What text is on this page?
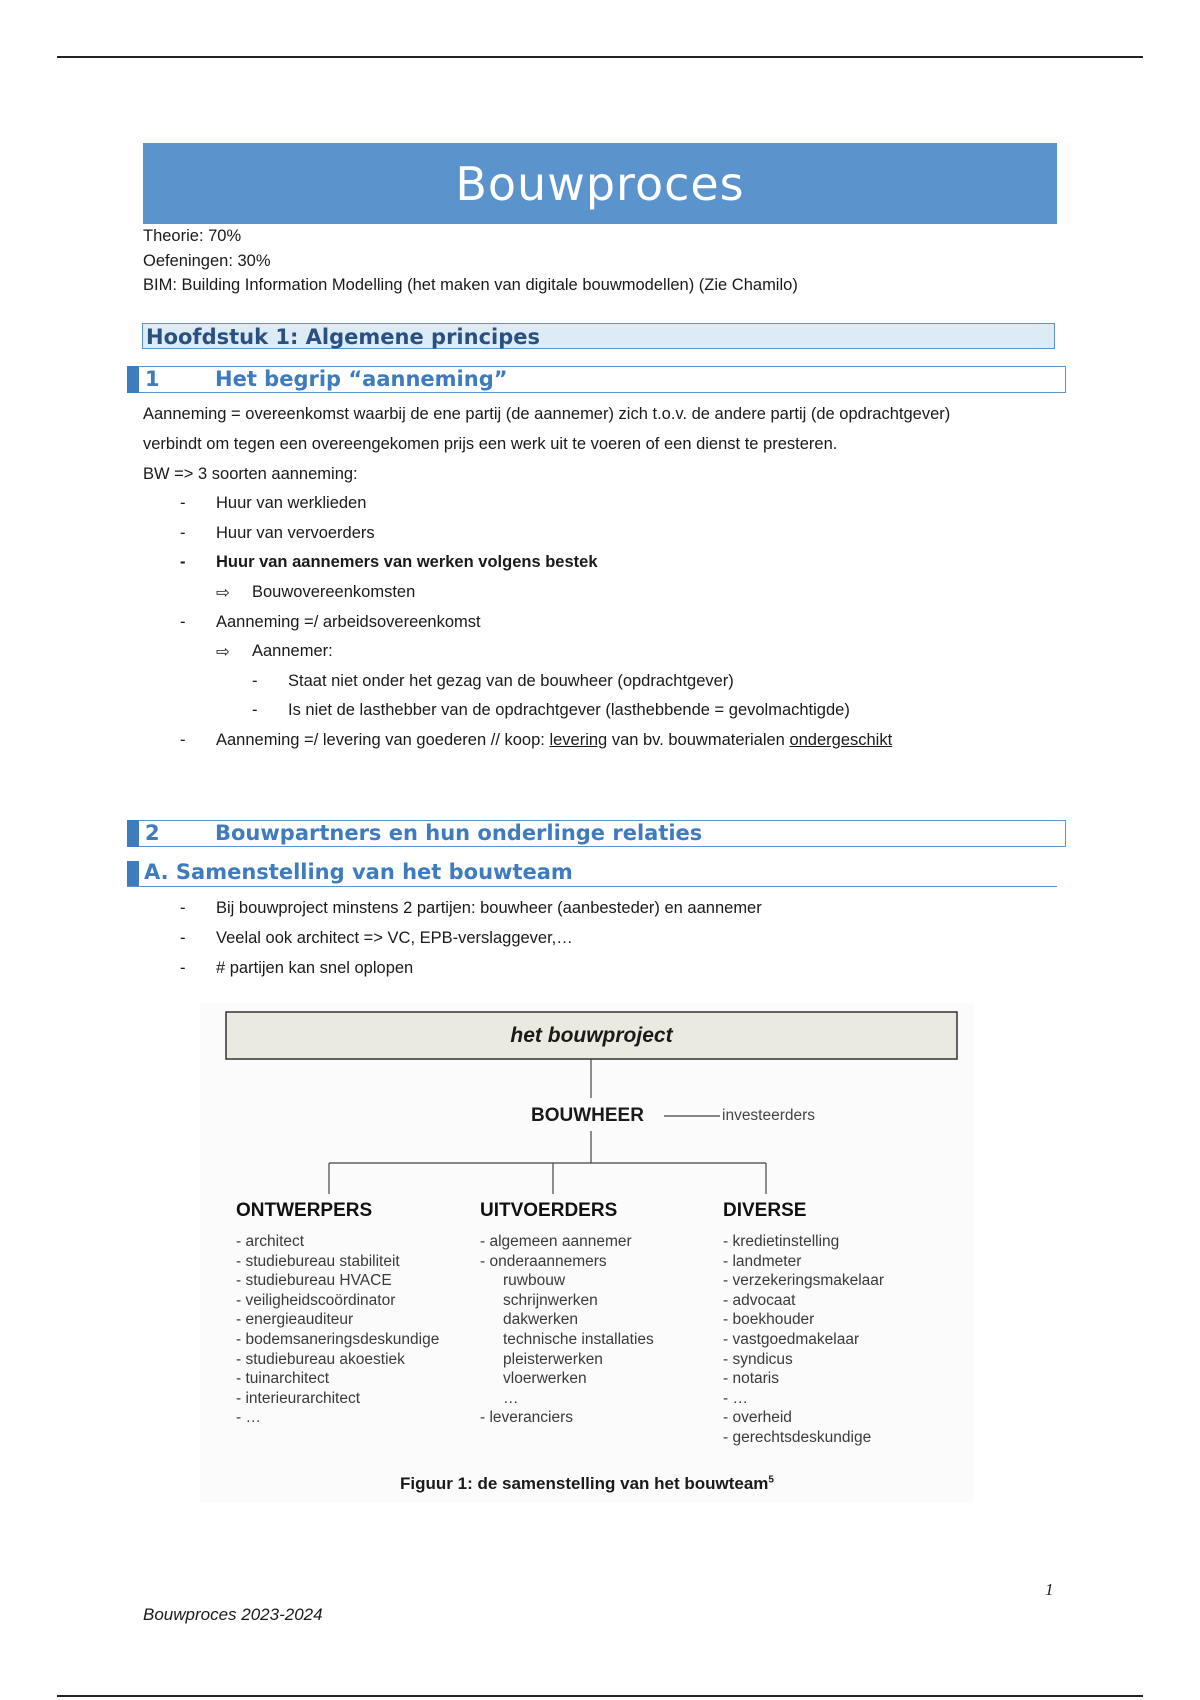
Bouwproces
Theorie: 70%
Oefeningen: 30%
BIM: Building Information Modelling (het maken van digitale bouwmodellen) (Zie Chamilo)
Hoofdstuk 1: Algemene principes
1	Het begrip “aanneming”
Aanneming = overeenkomst waarbij de ene partij (de aannemer) zich t.o.v. de andere partij (de opdrachtgever)
verbindt om tegen een overeengekomen prijs een werk uit te voeren of een dienst te presteren.
BW => 3 soorten aanneming:
- Huur van werklieden
- Huur van vervoerders
- Huur van aannemers van werken volgens bestek
⇨ Bouwovereenkomsten
- Aanneming =/ arbeidsovereenkomst
⇨ Aannemer:
- Staat niet onder het gezag van de bouwheer (opdrachtgever)
- Is niet de lasthebber van de opdrachtgever (lasthebbende = gevolmachtigde)
- Aanneming =/ levering van goederen // koop: levering van bv. bouwmaterialen ondergeschikt
2	Bouwpartners en hun onderlinge relaties
A. Samenstelling van het bouwteam
- Bij bouwproject minstens 2 partijen: bouwheer (aanbesteder) en aannemer
- Veelal ook architect => VC, EPB-verslaggever,…
- # partijen kan snel oplopen
het bouwproject
BOUWHEER	investeerders
ONTWERPERS
- architect
- studiebureau stabiliteit
- studiebureau HVACE
- veiligheidscoördinator
- energieauditeur
- bodemsaneringsdeskundige
- studiebureau akoestiek
- tuinarchitect
- interieurarchitect
- …
UITVOERDERS
- algemeen aannemer
- onderaannemers
ruwbouw
schrijnwerken
dakwerken
technische installaties
pleisterwerken
vloerwerken
…
- leveranciers
DIVERSE
- kredietinstelling
- landmeter
- verzekeringsmakelaar
- advocaat
- boekhouder
- vastgoedmakelaar
- syndicus
- notaris
- …
- overheid
- gerechtsdeskundige
Figuur 1: de samenstelling van het bouwteam$^5$
1
Bouwproces 2023-2024
